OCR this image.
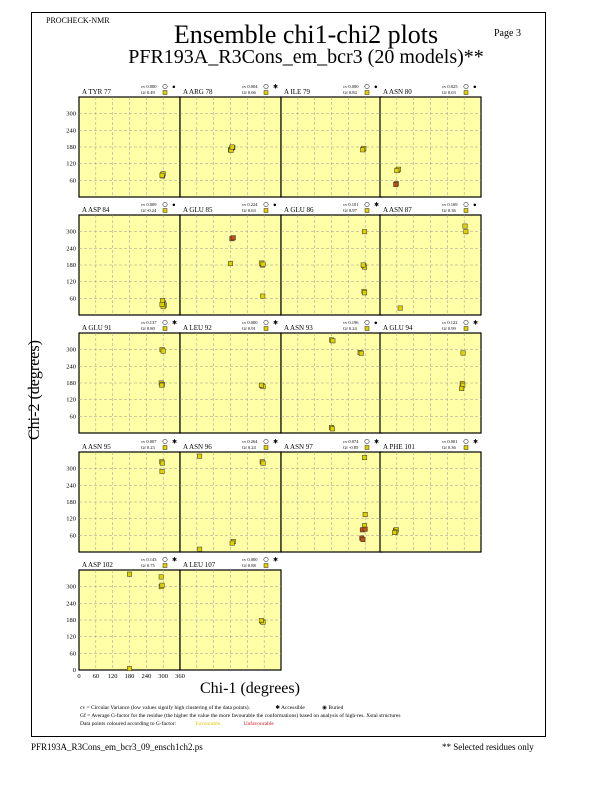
PROCHECK-NMR
Page 3
Ensemble chi1-chi2 plots
PFR193A_R3Cons_em_bcr3 (20 models)**
A TYR 77
cv 0.000
Gf 0.49
●
A ARG 78
cv 0.004
Gf 0.66
✱
A ILE 79
cv 0.000
Gf 0.84
●
A ASN 80
cv 0.025
Gf 0.03
●
A ASP 84
cv 0.009
Gf -0.24
●
A GLU 85
cv 0.224
Gf 0.63
●
A GLU 86
cv 0.101
Gf 0.97
✱
A ASN 87
cv 0.169
Gf 0.36
●
A GLU 91
cv 0.137
Gf 0.80
✱
A LEU 92
cv 0.000
Gf 0.91
✱
A ASN 93
cv 0.196
Gf 0.24
●
A GLU 94
cv 0.122
Gf 0.99
✱
A ASN 95
cv 0.007
Gf 0.23
✱
A ASN 96
cv 0.264
Gf 0.24
✱
A ASN 97
cv 0.074
Gf -0.85
✱
A PHE 101
cv 0.001
Gf 0.36
✱
A ASP 102
cv 0.143
Gf 0.75
✱
A LEU 107
cv 0.000
Gf 0.88
✱
60
120
180
240
300
60
120
180
240
300
60
120
180
240
300
60
120
180
240
300
0
60
120
180
240
300
0 60 120 180 240 300 360
Chi-2 (degrees)
Chi-1 (degrees)
cv = Circular Variance (low values signify high clustering of the data points).	✱ Accessible	◉ Buried
Gf = Average G-factor for the residue (the higher the value the more favourable the conformations) based on analysis of high-res. Xstal structures
Data points coloured according to G-factor:	Favourable	Unfavourable
PFR193A_R3Cons_em_bcr3_09_ensch1ch2.ps	** Selected residues only
